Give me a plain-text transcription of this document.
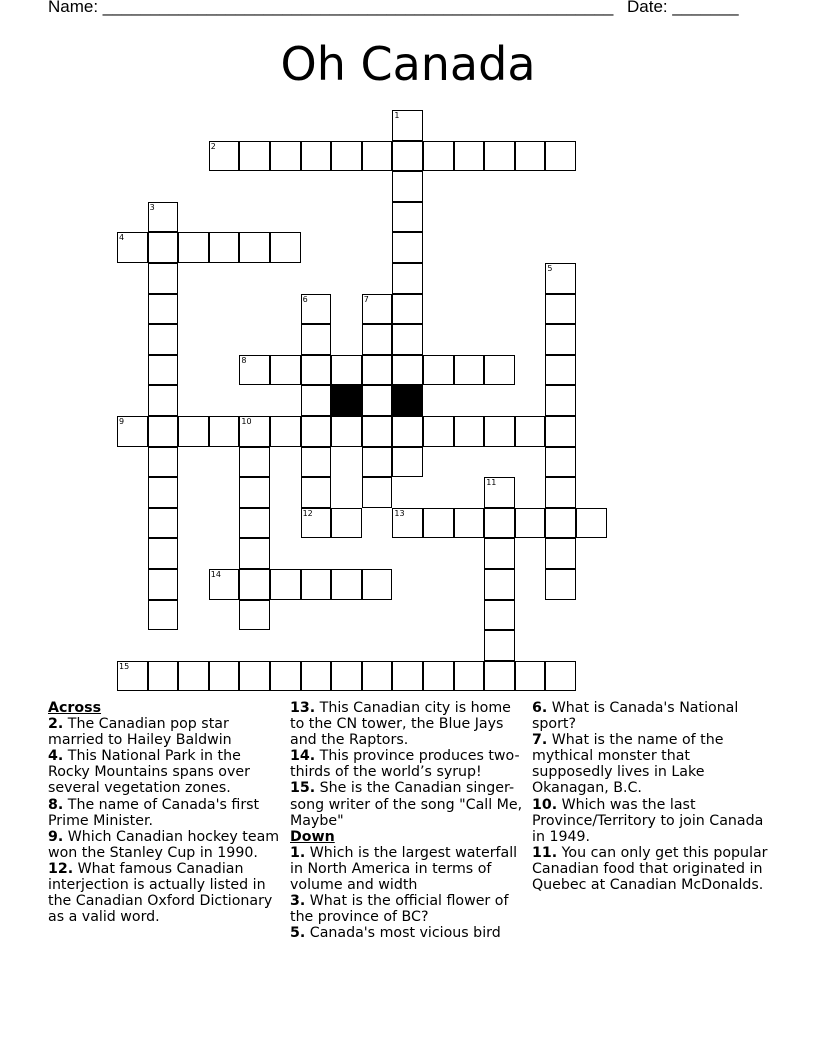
Name: ______________________________________________________ Date: _______
Oh Canada
1
2
3
4
5
6	7
8
9	10
11
12	13
14
15
Across

2. The Canadian pop star married to Hailey Baldwin

4. This National Park in the Rocky Mountains spans over several vegetation zones.

8. The name of Canada's first Prime Minister.

9. Which Canadian hockey team won the Stanley Cup in 1990.

12. What famous Canadian interjection is actually listed in the Canadian Oxford Dictionary as a valid word.

13. This Canadian city is home to the CN tower, the Blue Jays and the Raptors.

14. This province produces two-thirds of the world’s syrup!

15. She is the Canadian singer-song writer of the song "Call Me, Maybe"

Down

1. Which is the largest waterfall in North America in terms of volume and width

3. What is the official flower of the province of BC?

5. Canada's most vicious bird

6. What is Canada's National sport?

7. What is the name of the mythical monster that supposedly lives in Lake Okanagan, B.C.

10. Which was the last Province/Territory to join Canada in 1949.

11. You can only get this popular Canadian food that originated in Quebec at Canadian McDonalds.
